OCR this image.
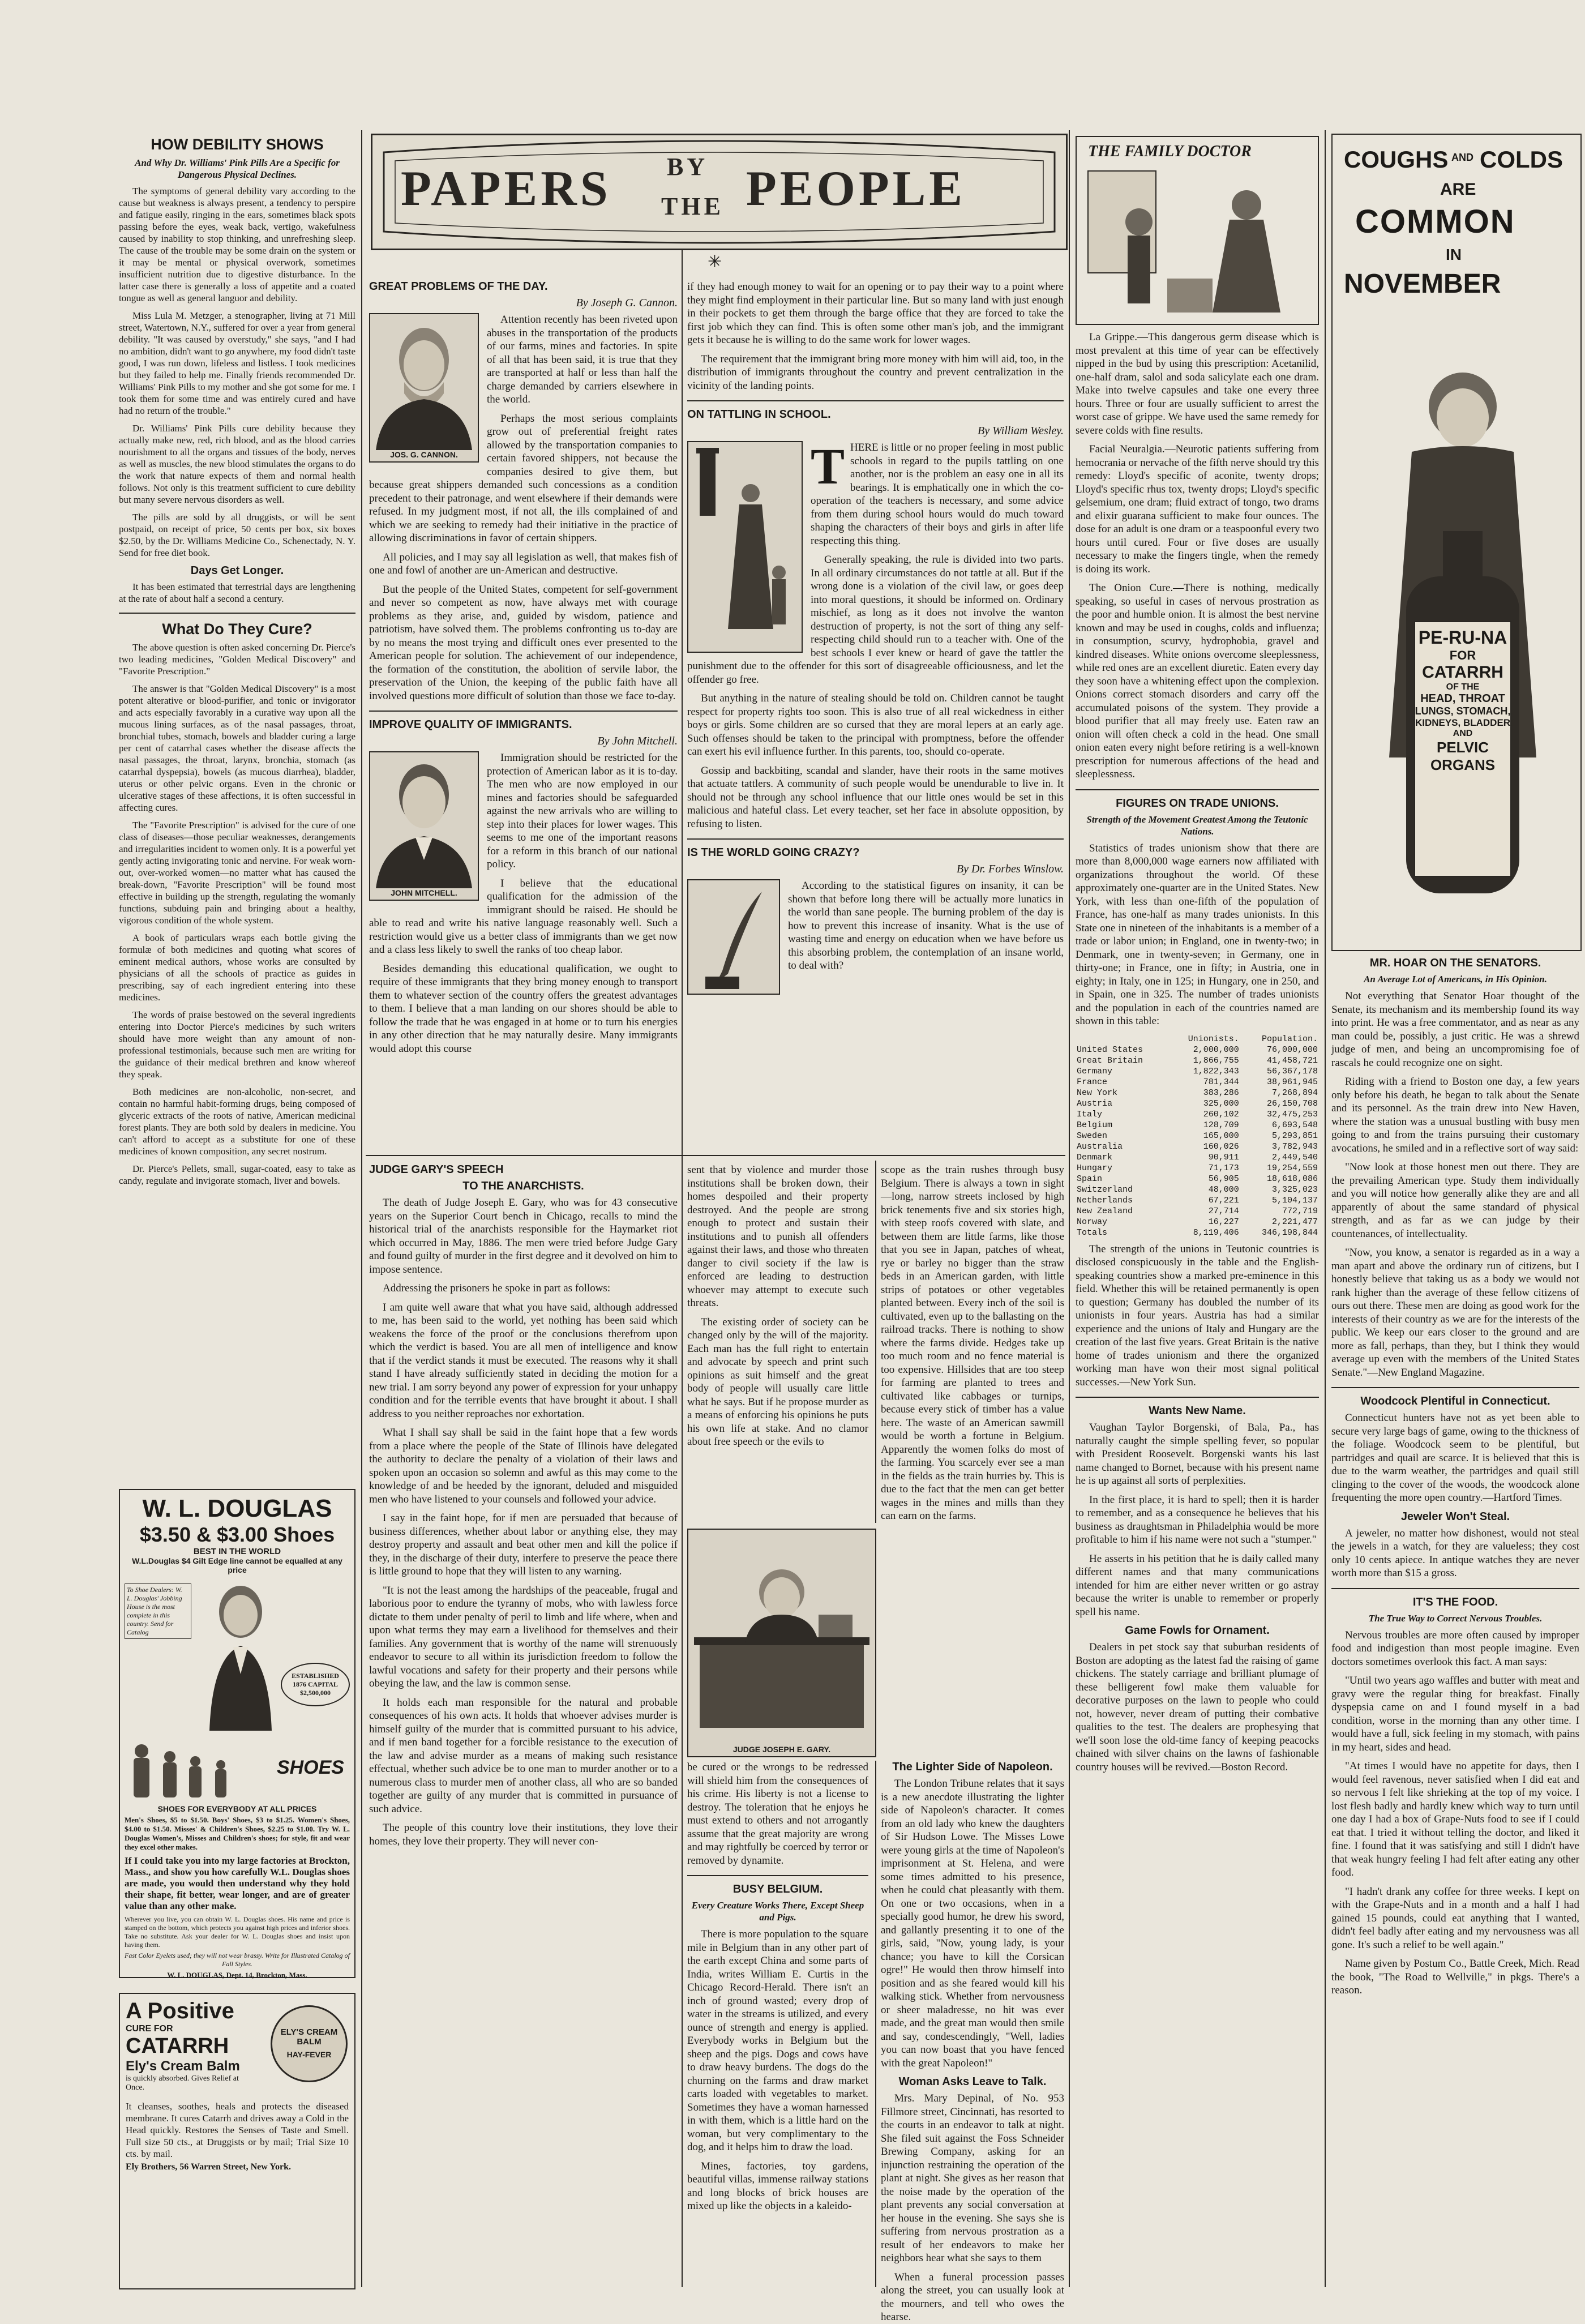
HOW DEBILITY SHOWS
And Why Dr. Williams' Pink Pills Are a Specific for Dangerous Physical Declines.

The symptoms of general debility vary according to the cause but weakness is always present, a tendency to perspire and fatigue easily, ringing in the ears, sometimes black spots passing before the eyes, weak back, vertigo, wakefulness caused by inability to stop thinking, and unrefreshing sleep. The cause of the trouble may be some drain on the system or it may be mental or physical overwork, sometimes insufficient nutrition due to digestive disturbance. In the latter case there is generally a loss of appetite and a coated tongue as well as general languor and debility.

Miss Lula M. Metzger, a stenographer, living at 71 Mill street, Watertown, N.Y., suffered for over a year from general debility. "It was caused by overstudy," she says, "and I had no ambition, didn't want to go anywhere, my food didn't taste good, I was run down, lifeless and listless. I took medicines but they failed to help me. Finally friends recommended Dr. Williams' Pink Pills to my mother and she got some for me. I took them for some time and was entirely cured and have had no return of the trouble."

Dr. Williams' Pink Pills cure debility because they actually make new, red, rich blood, and as the blood carries nourishment to all the organs and tissues of the body, nerves as well as muscles, the new blood stimulates the organs to do the work that nature expects of them and normal health follows. Not only is this treatment sufficient to cure debility but many severe nervous disorders as well.

The pills are sold by all druggists, or will be sent postpaid, on receipt of price, 50 cents per box, six boxes $2.50, by the Dr. Williams Medicine Co., Schenectady, N. Y. Send for free diet book.

Days Get Longer.

It has been estimated that terrestrial days are lengthening at the rate of about half a second a century.

What Do They Cure?

The above question is often asked concerning Dr. Pierce's two leading medicines, "Golden Medical Discovery" and "Favorite Prescription."

The answer is that "Golden Medical Discovery" is a most potent alterative or blood-purifier, and tonic or invigorator and acts especially favorably in a curative way upon all the mucous lining surfaces, as of the nasal passages, throat, bronchial tubes, stomach, bowels and bladder curing a large per cent of catarrhal cases whether the disease affects the nasal passages, the throat, larynx, bronchia, stomach (as catarrhal dyspepsia), bowels (as mucous diarrhea), bladder, uterus or other pelvic organs. Even in the chronic or ulcerative stages of these affections, it is often successful in affecting cures.

The "Favorite Prescription" is advised for the cure of one class of diseases—those peculiar weaknesses, derangements and irregularities incident to women only. It is a powerful yet gently acting invigorating tonic and nervine. For weak worn-out, over-worked women—no matter what has caused the break-down, "Favorite Prescription" will be found most effective in building up the strength, regulating the womanly functions, subduing pain and bringing about a healthy, vigorous condition of the whole system.

A book of particulars wraps each bottle giving the formulæ of both medicines and quoting what scores of eminent medical authors, whose works are consulted by physicians of all the schools of practice as guides in prescribing, say of each ingredient entering into these medicines.

The words of praise bestowed on the several ingredients entering into Doctor Pierce's medicines by such writers should have more weight than any amount of non-professional testimonials, because such men are writing for the guidance of their medical brethren and know whereof they speak.

Both medicines are non-alcoholic, non-secret, and contain no harmful habit-forming drugs, being composed of glyceric extracts of the roots of native, American medicinal forest plants. They are both sold by dealers in medicine. You can't afford to accept as a substitute for one of these medicines of known composition, any secret nostrum.

Dr. Pierce's Pellets, small, sugar-coated, easy to take as candy, regulate and invigorate stomach, liver and bowels.

W. L. DOUGLAS
$3.50 & $3.00 Shoes
BEST IN THE WORLD
W.L.Douglas $4 Gilt Edge line cannot be equalled at any price
To Shoe Dealers: W. L. Douglas' Jobbing House is the most complete in this country. Send for Catalog
ESTABLISHED 1876 CAPITAL $2,500,000
SHOES
SHOES FOR EVERYBODY AT ALL PRICES
Men's Shoes, $5 to $1.50. Boys' Shoes, $3 to $1.25. Women's Shoes, $4.00 to $1.50. Misses' & Children's Shoes, $2.25 to $1.00. Try W. L. Douglas Women's, Misses and Children's shoes; for style, fit and wear they excel other makes.
If I could take you into my large factories at Brockton, Mass., and show you how carefully W.L. Douglas shoes are made, you would then understand why they hold their shape, fit better, wear longer, and are of greater value than any other make.
Wherever you live, you can obtain W. L. Douglas shoes. His name and price is stamped on the bottom, which protects you against high prices and inferior shoes. Take no substitute. Ask your dealer for W. L. Douglas shoes and insist upon having them.
Fast Color Eyelets used; they will not wear brassy. Write for Illustrated Catalog of Fall Styles.
W. L. DOUGLAS, Dept. 14, Brockton, Mass.
A Positive
CURE FOR
CATARRH
Ely's Cream Balm
is quickly absorbed. Gives Relief at Once.
ELY'S CREAM BALM
HAY-FEVER
It cleanses, soothes, heals and protects the diseased membrane. It cures Catarrh and drives away a Cold in the Head quickly. Restores the Senses of Taste and Smell. Full size 50 cts., at Druggists or by mail; Trial Size 10 cts. by mail.
Ely Brothers, 56 Warren Street, New York.
PAPERS BY
THE PEOPLE
✳
GREAT PROBLEMS OF THE DAY.
By Joseph G. Cannon.
JOS. G. CANNON.

Attention recently has been riveted upon abuses in the transportation of the products of our farms, mines and factories. In spite of all that has been said, it is true that they are transported at half or less than half the charge demanded by carriers elsewhere in the world.

Perhaps the most serious complaints grow out of preferential freight rates allowed by the transportation companies to certain favored shippers, not because the companies desired to give them, but because great shippers demanded such concessions as a condition precedent to their patronage, and went elsewhere if their demands were refused. In my judgment most, if not all, the ills complained of and which we are seeking to remedy had their initiative in the practice of allowing discriminations in favor of certain shippers.

All policies, and I may say all legislation as well, that makes fish of one and fowl of another are un-American and destructive.

But the people of the United States, competent for self-government and never so competent as now, have always met with courage problems as they arise, and, guided by wisdom, patience and patriotism, have solved them. The problems confronting us to-day are by no means the most trying and difficult ones ever presented to the American people for solution. The achievement of our independence, the formation of the constitution, the abolition of servile labor, the preservation of the Union, the keeping of the public faith have all involved questions more difficult of solution than those we face to-day.

IMPROVE QUALITY OF IMMIGRANTS.
By John Mitchell.
JOHN MITCHELL.

Immigration should be restricted for the protection of American labor as it is to-day. The men who are now employed in our mines and factories should be safeguarded against the new arrivals who are willing to step into their places for lower wages. This seems to me one of the important reasons for a reform in this branch of our national policy.

I believe that the educational qualification for the admission of the immigrant should be raised. He should be able to read and write his native language reasonably well. Such a restriction would give us a better class of immigrants than we get now and a class less likely to swell the ranks of too cheap labor.

Besides demanding this educational qualification, we ought to require of these immigrants that they bring money enough to transport them to whatever section of the country offers the greatest advantages to them. I believe that a man landing on our shores should be able to follow the trade that he was engaged in at home or to turn his energies in any other direction that he may naturally desire. Many immigrants would adopt this course

if they had enough money to wait for an opening or to pay their way to a point where they might find employment in their particular line. But so many land with just enough in their pockets to get them through the barge office that they are forced to take the first job which they can find. This is often some other man's job, and the immigrant gets it because he is willing to do the same work for lower wages.

The requirement that the immigrant bring more money with him will aid, too, in the distribution of immigrants throughout the country and prevent centralization in the vicinity of the landing points.

ON TATTLING IN SCHOOL.
By William Wesley.
T HERE is little or no proper feeling in most public schools in regard to the pupils tattling on one another, nor is the problem an easy one in all its bearings. It is emphatically one in which the co-operation of the teachers is necessary, and some advice from them during school hours would do much toward shaping the characters of their boys and girls in after life respecting this thing.

Generally speaking, the rule is divided into two parts. In all ordinary circumstances do not tattle at all. But if the wrong done is a violation of the civil law, or goes deep into moral questions, it should be informed on. Ordinary mischief, as long as it does not involve the wanton destruction of property, is not the sort of thing any self-respecting child should run to a teacher with. One of the best schools I ever knew or heard of gave the tattler the punishment due to the offender for this sort of disagreeable officiousness, and let the offender go free.

But anything in the nature of stealing should be told on. Children cannot be taught respect for property rights too soon. This is also true of all real wickedness in either boys or girls. Some children are so cursed that they are moral lepers at an early age. Such offenses should be taken to the principal with promptness, before the offender can exert his evil influence further. In this parents, too, should co-operate.

Gossip and backbiting, scandal and slander, have their roots in the same motives that actuate tattlers. A community of such people would be unendurable to live in. It should not be through any school influence that our little ones would be set in this malicious and hateful class. Let every teacher, set her face in absolute opposition, by refusing to listen.

IS THE WORLD GOING CRAZY?
By Dr. Forbes Winslow.

According to the statistical figures on insanity, it can be shown that before long there will be actually more lunatics in the world than sane people. The burning problem of the day is how to prevent this increase of insanity. What is the use of wasting time and energy on education when we have before us this absorbing problem, the contemplation of an insane world, to deal with?

JUDGE GARY'S SPEECH
TO THE ANARCHISTS.

The death of Judge Joseph E. Gary, who was for 43 consecutive years on the Superior Court bench in Chicago, recalls to mind the historical trial of the anarchists responsible for the Haymarket riot which occurred in May, 1886. The men were tried before Judge Gary and found guilty of murder in the first degree and it devolved on him to impose sentence.

Addressing the prisoners he spoke in part as follows:

I am quite well aware that what you have said, although addressed to me, has been said to the world, yet nothing has been said which weakens the force of the proof or the conclusions therefrom upon which the verdict is based. You are all men of intelligence and know that if the verdict stands it must be executed. The reasons why it shall stand I have already sufficiently stated in deciding the motion for a new trial. I am sorry beyond any power of expression for your unhappy condition and for the terrible events that have brought it about. I shall address to you neither reproaches nor exhortation.

What I shall say shall be said in the faint hope that a few words from a place where the people of the State of Illinois have delegated the authority to declare the penalty of a violation of their laws and spoken upon an occasion so solemn and awful as this may come to the knowledge of and be heeded by the ignorant, deluded and misguided men who have listened to your counsels and followed your advice.

I say in the faint hope, for if men are persuaded that because of business differences, whether about labor or anything else, they may destroy property and assault and beat other men and kill the police if they, in the discharge of their duty, interfere to preserve the peace there is little ground to hope that they will listen to any warning.

"It is not the least among the hardships of the peaceable, frugal and laborious poor to endure the tyranny of mobs, who with lawless force dictate to them under penalty of peril to limb and life where, when and upon what terms they may earn a livelihood for themselves and their families. Any government that is worthy of the name will strenuously endeavor to secure to all within its jurisdiction freedom to follow the lawful vocations and safety for their property and their persons while obeying the law, and the law is common sense.

It holds each man responsible for the natural and probable consequences of his own acts. It holds that whoever advises murder is himself guilty of the murder that is committed pursuant to his advice, and if men band together for a forcible resistance to the execution of the law and advise murder as a means of making such resistance effectual, whether such advice be to one man to murder another or to a numerous class to murder men of another class, all who are so banded together are guilty of any murder that is committed in pursuance of such advice.

The people of this country love their institutions, they love their homes, they love their property. They will never con-

sent that by violence and murder those institutions shall be broken down, their homes despoiled and their property destroyed. And the people are strong enough to protect and sustain their institutions and to punish all offenders against their laws, and those who threaten danger to civil society if the law is enforced are leading to destruction whoever may attempt to execute such threats.

The existing order of society can be changed only by the will of the majority. Each man has the full right to entertain and advocate by speech and print such opinions as suit himself and the great body of people will usually care little what he says. But if he propose murder as a means of enforcing his opinions he puts his own life at stake. And no clamor about free speech or the evils to

JUDGE JOSEPH E. GARY.

be cured or the wrongs to be redressed will shield him from the consequences of his crime. His liberty is not a license to destroy. The toleration that he enjoys he must extend to others and not arrogantly assume that the great majority are wrong and may rightfully be coerced by terror or removed by dynamite.

BUSY BELGIUM.
Every Creature Works There, Except Sheep and Pigs.

There is more population to the square mile in Belgium than in any other part of the earth except China and some parts of India, writes William E. Curtis in the Chicago Record-Herald. There isn't an inch of ground wasted; every drop of water in the streams is utilized, and every ounce of strength and energy is applied. Everybody works in Belgium but the sheep and the pigs. Dogs and cows have to draw heavy burdens. The dogs do the churning on the farms and draw market carts loaded with vegetables to market. Sometimes they have a woman harnessed in with them, which is a little hard on the woman, but very complimentary to the dog, and it helps him to draw the load.

Mines, factories, toy gardens, beautiful villas, immense railway stations and long blocks of brick houses are mixed up like the objects in a kaleido-

scope as the train rushes through busy Belgium. There is always a town in sight—long, narrow streets inclosed by high brick tenements five and six stories high, with steep roofs covered with slate, and between them are little farms, like those that you see in Japan, patches of wheat, rye or barley no bigger than the straw beds in an American garden, with little strips of potatoes or other vegetables planted between. Every inch of the soil is cultivated, even up to the ballasting on the railroad tracks. There is nothing to show where the farms divide. Hedges take up too much room and no fence material is too expensive. Hillsides that are too steep for farming are planted to trees and cultivated like cabbages or turnips, because every stick of timber has a value here. The waste of an American sawmill would be worth a fortune in Belgium. Apparently the women folks do most of the farming. You scarcely ever see a man in the fields as the train hurries by. This is due to the fact that the men can get better wages in the mines and mills than they can earn on the farms.

The Lighter Side of Napoleon.

The London Tribune relates that it says is a new anecdote illustrating the lighter side of Napoleon's character. It comes from an old lady who knew the daughters of Sir Hudson Lowe. The Misses Lowe were young girls at the time of Napoleon's imprisonment at St. Helena, and were some times admitted to his presence, when he could chat pleasantly with them. On one or two occasions, when in a specially good humor, he drew his sword, and gallantly presenting it to one of the girls, said, "Now, young lady, is your chance; you have to kill the Corsican ogre!" He would then throw himself into position and as she feared would kill his walking stick. Whether from nervousness or sheer maladresse, no hit was ever made, and the great man would then smile and say, condescendingly, "Well, ladies you can now boast that you have fenced with the great Napoleon!"

Woman Asks Leave to Talk.

Mrs. Mary Depinal, of No. 953 Fillmore street, Cincinnati, has resorted to the courts in an endeavor to talk at night. She filed suit against the Foss Schneider Brewing Company, asking for an injunction restraining the operation of the plant at night. She gives as her reason that the noise made by the operation of the plant prevents any social conversation at her house in the evening. She says she is suffering from nervous prostration as a result of her endeavors to make her neighbors hear what she says to them

When a funeral procession passes along the street, you can usually look at the mourners, and tell who owes the hearse.

THE FAMILY DOCTOR

La Grippe.—This dangerous germ disease which is most prevalent at this time of year can be effectively nipped in the bud by using this prescription: Acetanilid, one-half dram, salol and soda salicylate each one dram. Make into twelve capsules and take one every three hours. Three or four are usually sufficient to arrest the worst case of grippe. We have used the same remedy for severe colds with fine results.

Facial Neuralgia.—Neurotic patients suffering from hemocrania or nervache of the fifth nerve should try this remedy: Lloyd's specific of aconite, twenty drops; Lloyd's specific rhus tox, twenty drops; Lloyd's specific gelsemium, one dram; fluid extract of tongo, two drams and elixir guarana sufficient to make four ounces. The dose for an adult is one dram or a teaspoonful every two hours until cured. Four or five doses are usually necessary to make the fingers tingle, when the remedy is doing its work.

The Onion Cure.—There is nothing, medically speaking, so useful in cases of nervous prostration as the poor and humble onion. It is almost the best nervine known and may be used in coughs, colds and influenza; in consumption, scurvy, hydrophobia, gravel and kindred diseases. White onions overcome sleeplessness, while red ones are an excellent diuretic. Eaten every day they soon have a whitening effect upon the complexion. Onions correct stomach disorders and carry off the accumulated poisons of the system. They provide a blood purifier that all may freely use. Eaten raw an onion will often check a cold in the head. One small onion eaten every night before retiring is a well-known prescription for numerous affections of the head and sleeplessness.

FIGURES ON TRADE UNIONS.
Strength of the Movement Greatest Among the Teutonic Nations.

Statistics of trades unionism show that there are more than 8,000,000 wage earners now affiliated with organizations throughout the world. Of these approximately one-quarter are in the United States. New York, with less than one-fifth of the population of France, has one-half as many trades unionists. In this State one in nineteen of the inhabitants is a member of a trade or labor union; in England, one in twenty-two; in Denmark, one in twenty-seven; in Germany, one in thirty-one; in France, one in fifty; in Austria, one in eighty; in Italy, one in 125; in Hungary, one in 250, and in Spain, one in 325. The number of trades unionists and the population in each of the countries named are shown in this table:

	Unionists.	Population.
United States	2,000,000	76,000,000
Great Britain	1,866,755	41,458,721
Germany	1,822,343	56,367,178
France	781,344	38,961,945
New York	383,286	7,268,894
Austria	325,000	26,150,708
Italy	260,102	32,475,253
Belgium	128,709	6,693,548
Sweden	165,000	5,293,851
Australia	160,026	3,782,943
Denmark	90,911	2,449,540
Hungary	71,173	19,254,559
Spain	56,905	18,618,086
Switzerland	48,000	3,325,023
Netherlands	67,221	5,104,137
New Zealand	27,714	772,719
Norway	16,227	2,221,477
Totals	8,119,406	346,198,844

The strength of the unions in Teutonic countries is disclosed conspicuously in the table and the English-speaking countries show a marked pre-eminence in this field. Whether this will be retained permanently is open to question; Germany has doubled the number of its unionists in four years. Austria has had a similar experience and the unions of Italy and Hungary are the creation of the last five years. Great Britain is the native home of trades unionism and there the organized working man have won their most signal political successes.—New York Sun.

Wants New Name.

Vaughan Taylor Borgenski, of Bala, Pa., has naturally caught the simple spelling fever, so popular with President Roosevelt. Borgenski wants his last name changed to Bornet, because with his present name he is up against all sorts of perplexities.

In the first place, it is hard to spell; then it is harder to remember, and as a consequence he believes that his business as draughtsman in Philadelphia would be more profitable to him if his name were not such a "stumper."

He asserts in his petition that he is daily called many different names and that many communications intended for him are either never written or go astray because the writer is unable to remember or properly spell his name.

Game Fowls for Ornament.

Dealers in pet stock say that suburban residents of Boston are adopting as the latest fad the raising of game chickens. The stately carriage and brilliant plumage of these belligerent fowl make them valuable for decorative purposes on the lawn to people who could not, however, never dream of putting their combative qualities to the test. The dealers are prophesying that we'll soon lose the old-time fancy of keeping peacocks chained with silver chains on the lawns of fashionable country houses will be revived.—Boston Record.

COUGHS AND COLDS
ARE
COMMON
IN
NOVEMBER
PE-RU-NA
FOR
CATARRH
OF THE
HEAD, THROAT
LUNGS, STOMACH,
KIDNEYS, BLADDER
AND
PELVIC
ORGANS
MR. HOAR ON THE SENATORS.
An Average Lot of Americans, in His Opinion.

Not everything that Senator Hoar thought of the Senate, its mechanism and its membership found its way into print. He was a free commentator, and as near as any man could be, possibly, a just critic. He was a shrewd judge of men, and being an uncompromising foe of rascals he could recognize one on sight.

Riding with a friend to Boston one day, a few years only before his death, he began to talk about the Senate and its personnel. As the train drew into New Haven, where the station was a unusual bustling with busy men going to and from the trains pursuing their customary avocations, he smiled and in a reflective sort of way said:

"Now look at those honest men out there. They are the prevailing American type. Study them individually and you will notice how generally alike they are and all apparently of about the same standard of physical strength, and as far as we can judge by their countenances, of intellectuality.

"Now, you know, a senator is regarded as in a way a man apart and above the ordinary run of citizens, but I honestly believe that taking us as a body we would not rank higher than the average of these fellow citizens of ours out there. These men are doing as good work for the interests of their country as we are for the interests of the public. We keep our ears closer to the ground and are more as fall, perhaps, than they, but I think they would average up even with the members of the United States Senate."—New England Magazine.

Woodcock Plentiful in Connecticut.

Connecticut hunters have not as yet been able to secure very large bags of game, owing to the thickness of the foliage. Woodcock seem to be plentiful, but partridges and quail are scarce. It is believed that this is due to the warm weather, the partridges and quail still clinging to the cover of the woods, the woodcock alone frequenting the more open country.—Hartford Times.

Jeweler Won't Steal.

A jeweler, no matter how dishonest, would not steal the jewels in a watch, for they are valueless; they cost only 10 cents apiece. In antique watches they are never worth more than $15 a gross.

IT'S THE FOOD.
The True Way to Correct Nervous Troubles.

Nervous troubles are more often caused by improper food and indigestion than most people imagine. Even doctors sometimes overlook this fact. A man says:

"Until two years ago waffles and butter with meat and gravy were the regular thing for breakfast. Finally dyspepsia came on and I found myself in a bad condition, worse in the morning than any other time. I would have a full, sick feeling in my stomach, with pains in my heart, sides and head.

"At times I would have no appetite for days, then I would feel ravenous, never satisfied when I did eat and so nervous I felt like shrieking at the top of my voice. I lost flesh badly and hardly knew which way to turn until one day I had a box of Grape-Nuts food to see if I could eat that. I tried it without telling the doctor, and liked it fine. I found that it was satisfying and still I didn't have that weak hungry feeling I had felt after eating any other food.

"I hadn't drank any coffee for three weeks. I kept on with the Grape-Nuts and in a month and a half I had gained 15 pounds, could eat anything that I wanted, didn't feel badly after eating and my nervousness was all gone. It's such a relief to be well again."

Name given by Postum Co., Battle Creek, Mich. Read the book, "The Road to Wellville," in pkgs. There's a reason.
